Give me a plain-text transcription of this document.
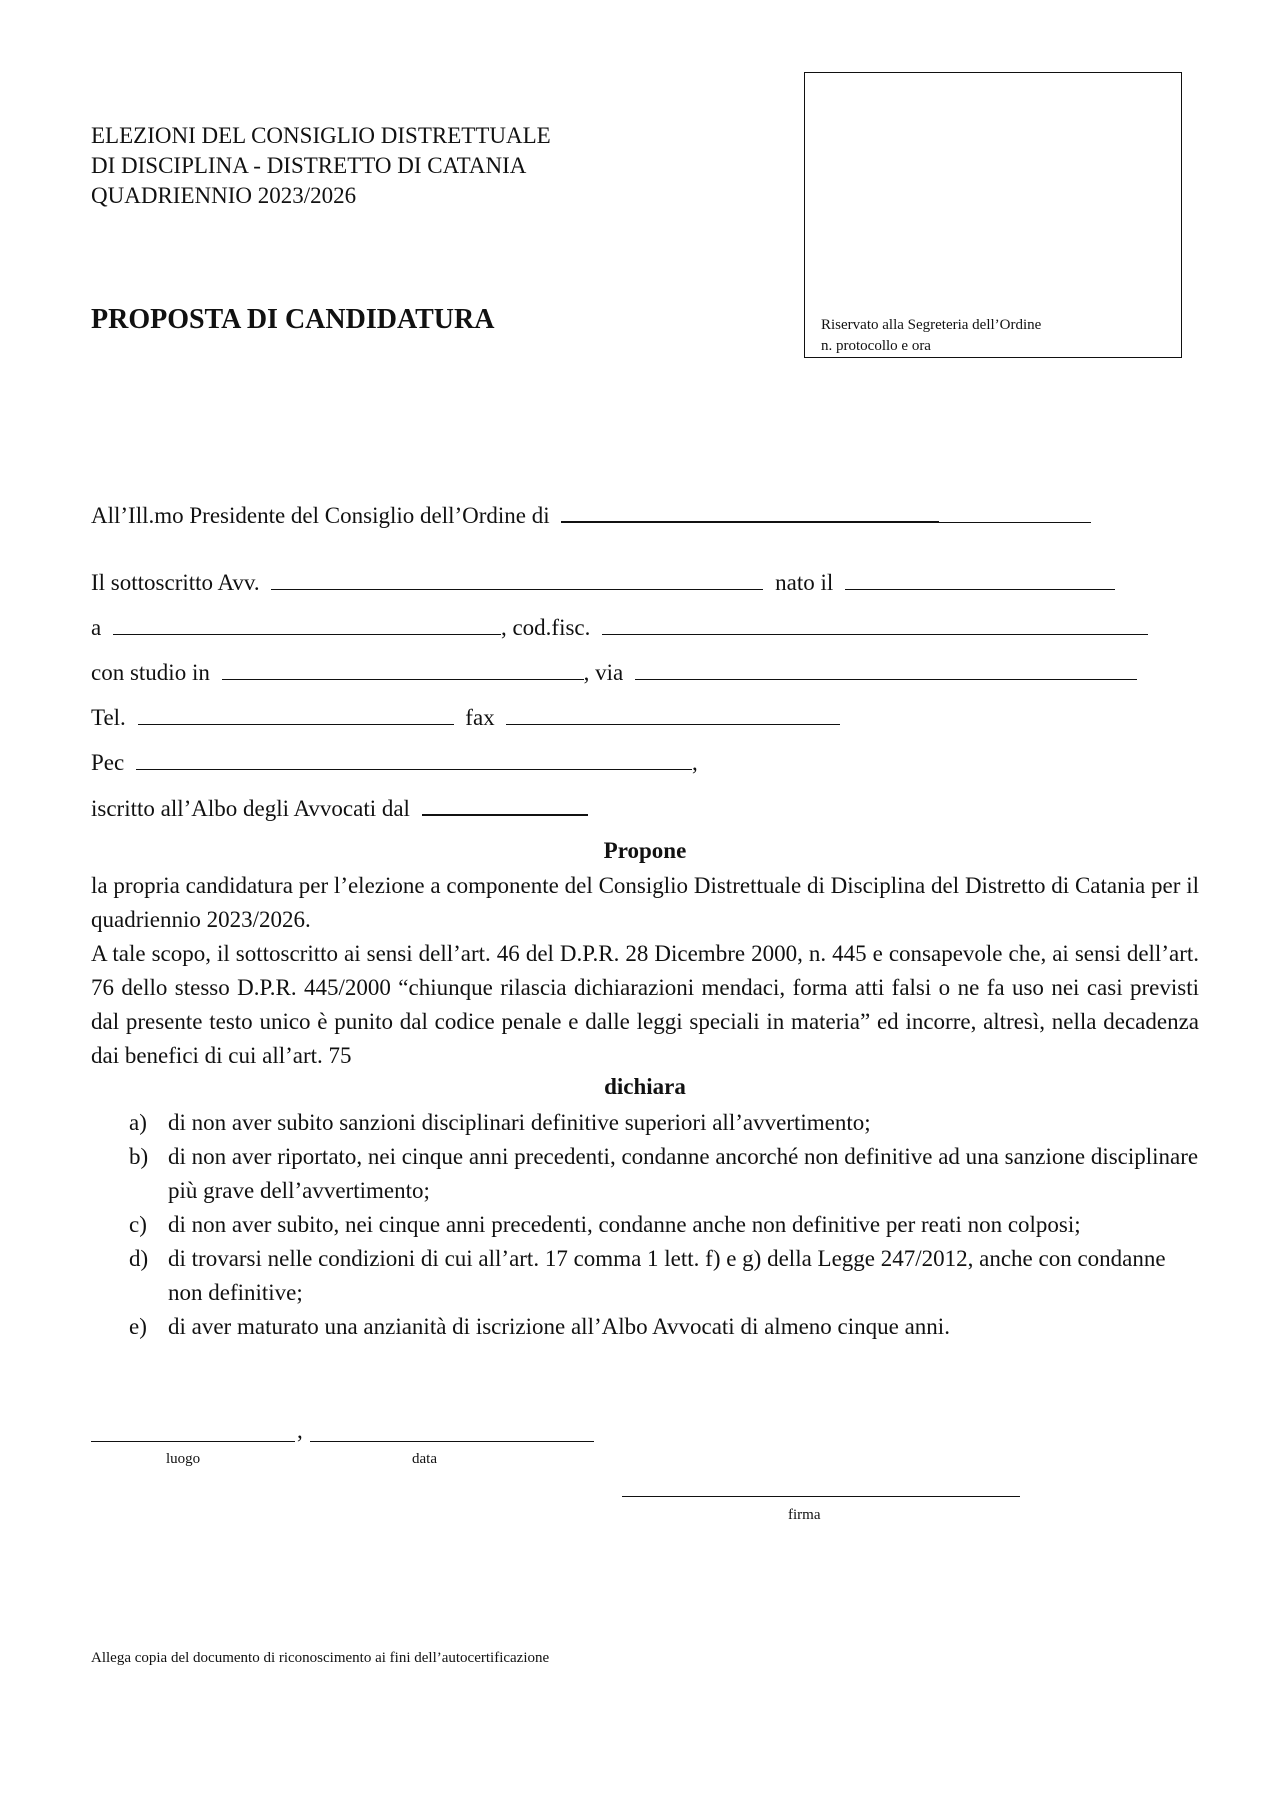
ELEZIONI DEL CONSIGLIO DISTRETTUALE
DI DISCIPLINA - DISTRETTO DI CATANIA
QUADRIENNIO 2023/2026
PROPOSTA DI CANDIDATURA	Riservato alla Segreteria dell’Ordine
n. protocollo e ora
All’Ill.mo Presidente del Consiglio dell’Ordine di
Il sottoscritto Avv.	nato il
a	, cod.fisc.
con studio in	, via
Tel.	fax
Pec	,
iscritto all’Albo degli Avvocati dal
Propone
la propria candidatura per l’elezione a componente del Consiglio Distrettuale di Disciplina del Distretto di Catania per il quadriennio 2023/2026.
A tale scopo, il sottoscritto ai sensi dell’art. 46 del D.P.R. 28 Dicembre 2000, n. 445 e consapevole che, ai sensi dell’art. 76 dello stesso D.P.R. 445/2000 “chiunque rilascia dichiarazioni mendaci, forma atti falsi o ne fa uso nei casi previsti dal presente testo unico è punito dal codice penale e dalle leggi speciali in materia” ed incorre, altresì, nella decadenza dai benefici di cui all’art. 75
dichiara
a) di non aver subito sanzioni disciplinari definitive superiori all’avvertimento;
b) di non aver riportato, nei cinque anni precedenti, condanne ancorché non definitive ad una sanzione disciplinare più grave dell’avvertimento;
c) di non aver subito, nei cinque anni precedenti, condanne anche non definitive per reati non colposi;
d) di trovarsi nelle condizioni di cui all’art. 17 comma 1 lett. f) e g) della Legge 247/2012, anche con condanne non definitive;
e) di aver maturato una anzianità di iscrizione all’Albo Avvocati di almeno cinque anni.
,
luogo	data
firma
Allega copia del documento di riconoscimento ai fini dell’autocertificazione
